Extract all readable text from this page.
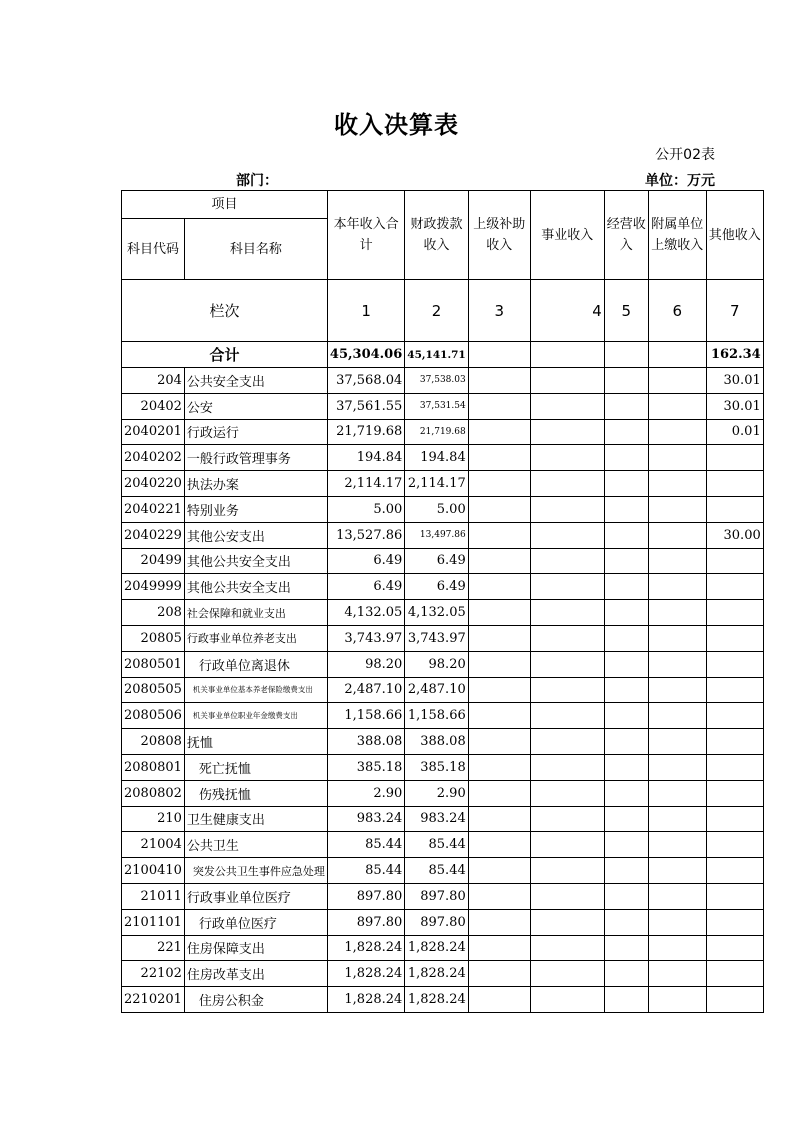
收入决算表
公开02表
部门：	单位：万元
项目		本年收入合计	财政拨款收入	上级补助收入	事业收入	经营收入	附属单位上缴收入	其他收入
科目代码	科目名称							
栏次		1	2	3	4	5	6	7
合计		45,304.06	45,141.71					162.34
204	公共安全支出	37,568.04	37,538.03					30.01
20402	公安	37,561.55	37,531.54					30.01
2040201	行政运行	21,719.68	21,719.68					0.01
2040202	一般行政管理事务	194.84	194.84					
2040220	执法办案	2,114.17	2,114.17					
2040221	特别业务	5.00	5.00					
2040229	其他公安支出	13,527.86	13,497.86					30.00
20499	其他公共安全支出	6.49	6.49					
2049999	其他公共安全支出	6.49	6.49					
208	社会保障和就业支出	4,132.05	4,132.05					
20805	行政事业单位养老支出	3,743.97	3,743.97					
2080501	行政单位离退休	98.20	98.20					
2080505	机关事业单位基本养老保险缴费支出	2,487.10	2,487.10					
2080506	机关事业单位职业年金缴费支出	1,158.66	1,158.66					
20808	抚恤	388.08	388.08					
2080801	死亡抚恤	385.18	385.18					
2080802	伤残抚恤	2.90	2.90					
210	卫生健康支出	983.24	983.24					
21004	公共卫生	85.44	85.44					
2100410	突发公共卫生事件应急处理	85.44	85.44					
21011	行政事业单位医疗	897.80	897.80					
2101101	行政单位医疗	897.80	897.80					
221	住房保障支出	1,828.24	1,828.24					
22102	住房改革支出	1,828.24	1,828.24					
2210201	住房公积金	1,828.24	1,828.24					
